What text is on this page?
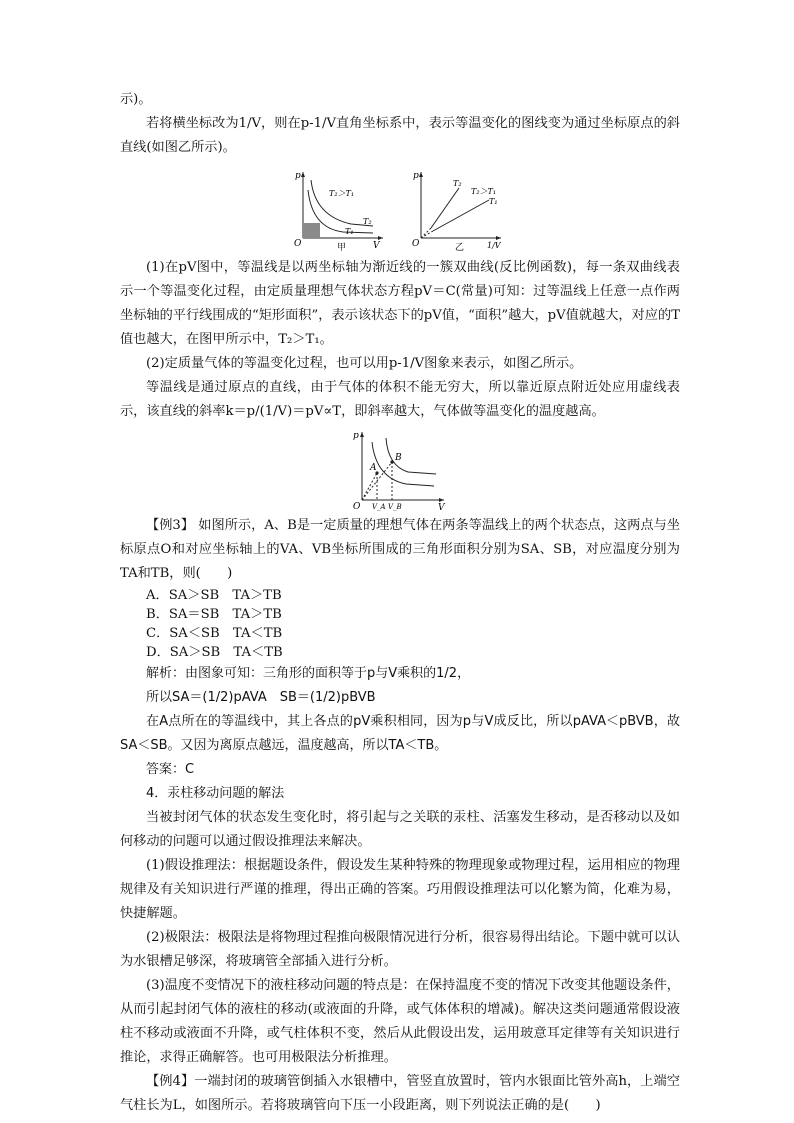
示)。

若将横坐标改为1/V，则在p-1/V直角坐标系中，表示等温变化的图线变为通过坐标原点的斜直线(如图乙所示)。

p
O	V
T₂＞T₁
T₂
T₁
甲
p
O	1/V
T₂
T₂＞T₁
T₁
乙

(1)在pV图中，等温线是以两坐标轴为渐近线的一簇双曲线(反比例函数)，每一条双曲线表示一个等温变化过程，由定质量理想气体状态方程pV＝C(常量)可知：过等温线上任意一点作两坐标轴的平行线围成的“矩形面积”，表示该状态下的pV值，“面积”越大，pV值就越大，对应的T值也越大，在图甲所示中，T₂＞T₁。

(2)定质量气体的等温变化过程，也可以用p-1/V图象来表示，如图乙所示。

等温线是通过原点的直线，由于气体的体积不能无穷大，所以靠近原点附近处应用虚线表示，该直线的斜率k＝p/(1/V)＝pV∝T，即斜率越大，气体做等温变化的温度越高。

p
O	V
A
B
V_A V_B

【例3】 如图所示，A、B是一定质量的理想气体在两条等温线上的两个状态点，这两点与坐标原点O和对应坐标轴上的VA、VB坐标所围成的三角形面积分别为SA、SB，对应温度分别为TA和TB，则(　　)

A．SA＞SB　TA＞TB

B．SA＝SB　TA＞TB

C．SA＜SB　TA＜TB

D．SA＞SB　TA＜TB

解析：由图象可知：三角形的面积等于p与V乘积的1/2，

所以SA＝(1/2)pAVA　SB＝(1/2)pBVB

在A点所在的等温线中，其上各点的pV乘积相同，因为p与V成反比，所以pAVA＜pBVB，故SA＜SB。又因为离原点越远，温度越高，所以TA＜TB。

答案：C

4．汞柱移动问题的解法

当被封闭气体的状态发生变化时，将引起与之关联的汞柱、活塞发生移动，是否移动以及如何移动的问题可以通过假设推理法来解决。

(1)假设推理法：根据题设条件，假设发生某种特殊的物理现象或物理过程，运用相应的物理规律及有关知识进行严谨的推理，得出正确的答案。巧用假设推理法可以化繁为简，化难为易，快捷解题。

(2)极限法：极限法是将物理过程推向极限情况进行分析，很容易得出结论。下题中就可以认为水银槽足够深，将玻璃管全部插入进行分析。

(3)温度不变情况下的液柱移动问题的特点是：在保持温度不变的情况下改变其他题设条件，从而引起封闭气体的液柱的移动(或液面的升降，或气体体积的增减)。解决这类问题通常假设液柱不移动或液面不升降，或气柱体积不变，然后从此假设出发，运用玻意耳定律等有关知识进行推论，求得正确解答。也可用极限法分析推理。

【例4】一端封闭的玻璃管倒插入水银槽中，管竖直放置时，管内水银面比管外高h，上端空气柱长为L，如图所示。若将玻璃管向下压一小段距离，则下列说法正确的是(　　)
